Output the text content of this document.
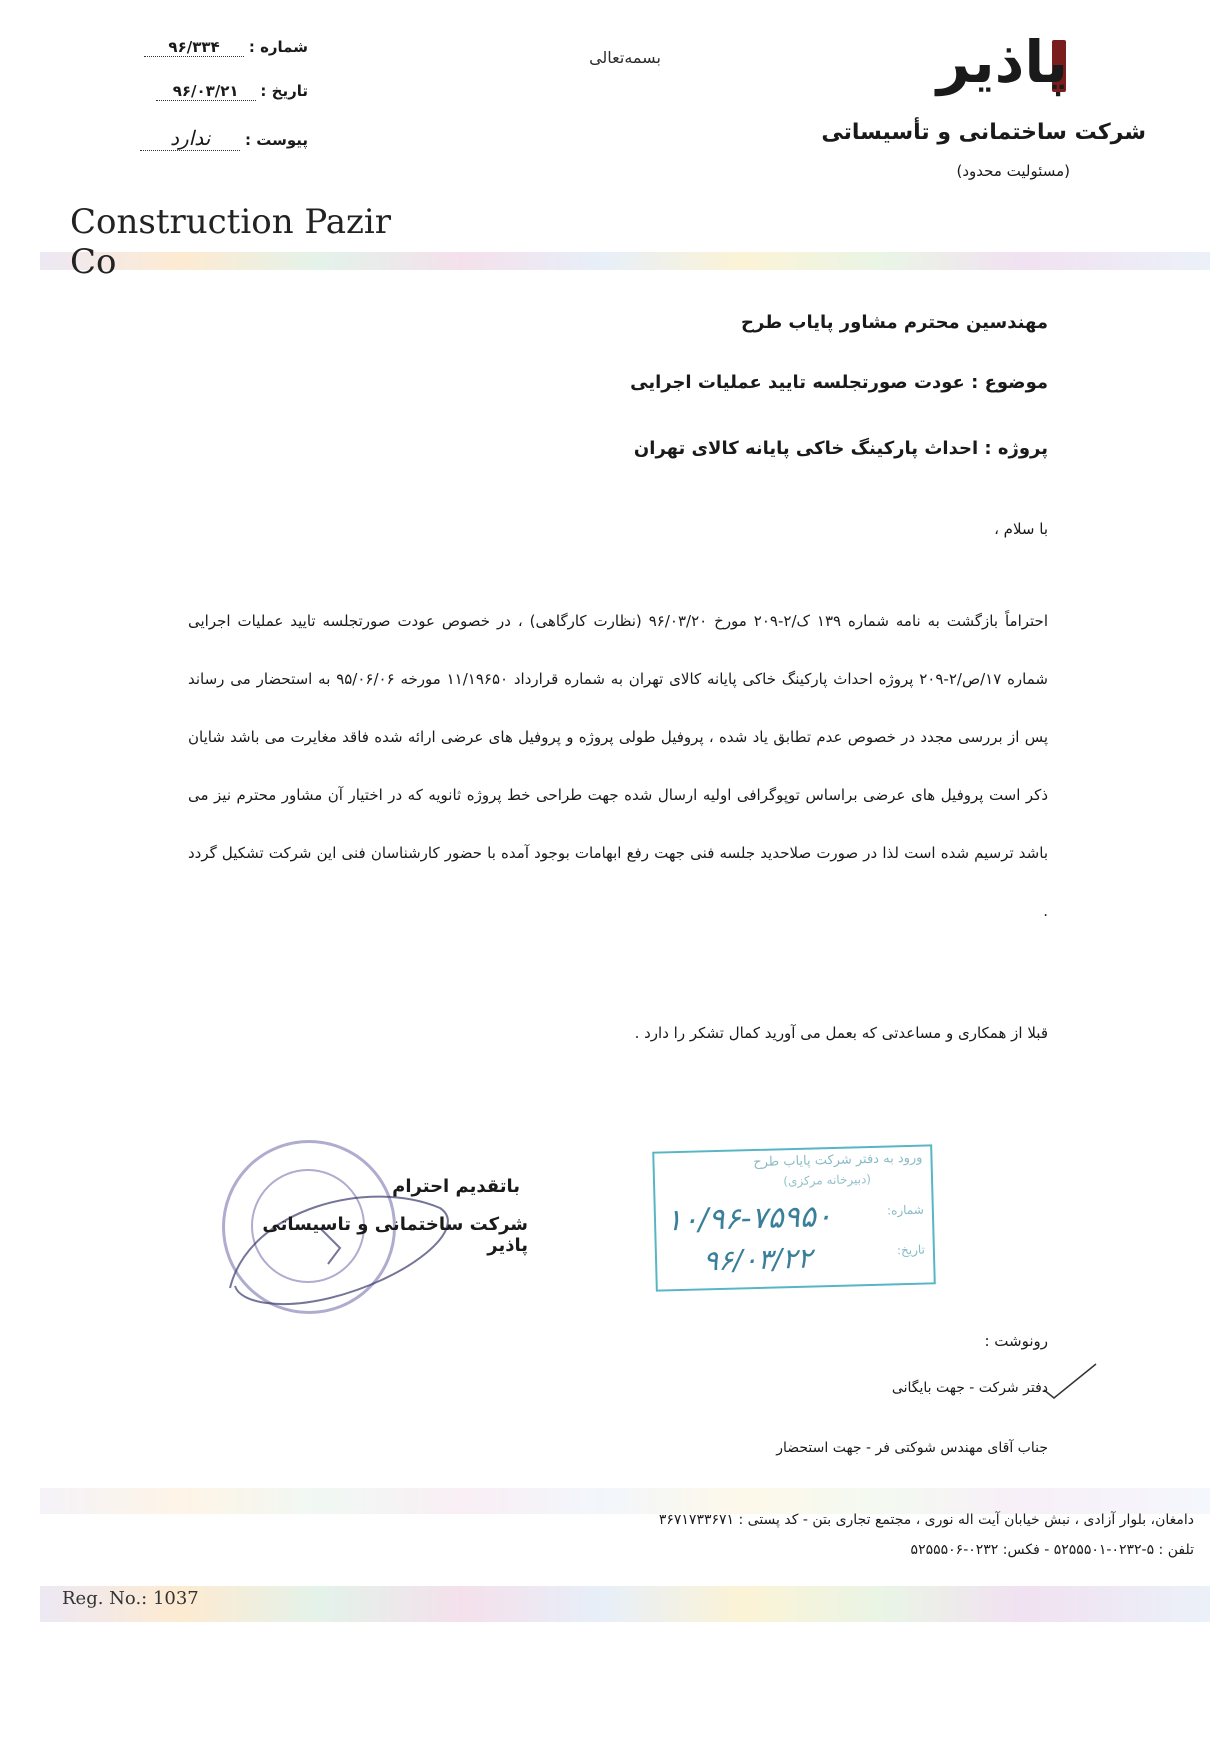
پاذیر
شرکت ساختمانی و تأسیساتی
(مسئولیت محدود)
بسمه‌تعالی
شماره : ۹۶/۳۳۴
تاریخ : ۹۶/۰۳/۲۱
پیوست : ندارد
Construction Pazir Co
مهندسین محترم مشاور پایاب طرح
موضوع : عودت صورتجلسه تایید عملیات اجرایی
پروژه : احداث پارکینگ خاکی پایانه کالای تهران
با سلام ،
احتراماً بازگشت به نامه شماره ۱۳۹ ک/۲-۲۰۹ مورخ ۹۶/۰۳/۲۰ (نظارت کارگاهی) ، در خصوص عودت صورتجلسه تایید عملیات اجرایی شماره ۱۷/ص/۲-۲۰۹ پروژه احداث پارکینگ خاکی پایانه کالای تهران به شماره قرارداد ۱۱/۱۹۶۵۰ مورخه ۹۵/۰۶/۰۶ به استحضار می رساند پس از بررسی مجدد در خصوص عدم تطابق یاد شده ، پروفیل طولی پروژه و پروفیل های عرضی ارائه شده فاقد مغایرت می باشد شایان ذکر است پروفیل های عرضی براساس توپوگرافی اولیه ارسال شده جهت طراحی خط پروژه ثانویه که در اختیار آن مشاور محترم نیز می باشد ترسیم شده است لذا در صورت صلاحدید جلسه فنی جهت رفع ابهامات بوجود آمده با حضور کارشناسان فنی این شرکت تشکیل گردد .
قبلا از همکاری و مساعدتی که بعمل می آورید کمال تشکر را دارد .
باتقدیم احترام
شرکت ساختمانی و تاسیساتی پاذیر
ورود به دفتر شرکت پایاب طرح
(دبیرخانه مرکزی)
شماره:
تاریخ:
۱۰/۹۶-۷۵۹۵۰
۹۶/۰۳/۲۲
رونوشت :
دفتر شرکت - جهت بایگانی
جناب آقای مهندس شوکتی فر - جهت استحضار
دامغان، بلوار آزادی ، نبش خیابان آیت اله نوری ، مجتمع تجاری بتن - کد پستی : ۳۶۷۱۷۳۳۶۷۱
تلفن : ۵-۰۲۳۲-۵۲۵۵۵۰۱ - فکس: ۰۲۳۲-۵۲۵۵۵۰۶
Reg. No.: 1037
